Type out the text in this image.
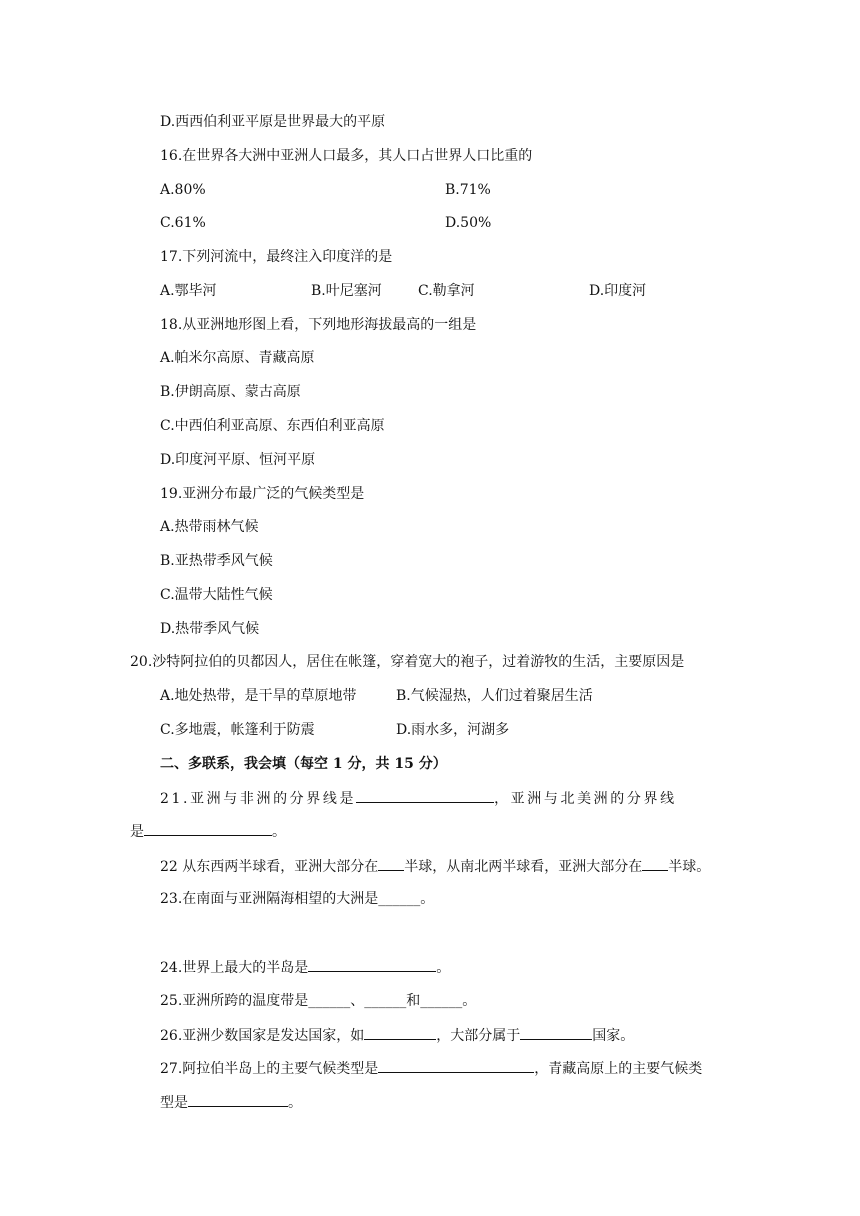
D.西西伯利亚平原是世界最大的平原
16.在世界各大洲中亚洲人口最多，其人口占世界人口比重的
A.80%	B.71%
C.61%	D.50%
17.下列河流中，最终注入印度洋的是
A.鄂毕河	B.叶尼塞河	C.勒拿河	D.印度河
18.从亚洲地形图上看，下列地形海拔最高的一组是
A.帕米尔高原、青藏高原
B.伊朗高原、蒙古高原
C.中西伯利亚高原、东西伯利亚高原
D.印度河平原、恒河平原
19.亚洲分布最广泛的气候类型是
A.热带雨林气候
B.亚热带季风气候
C.温带大陆性气候
D.热带季风气候
20.沙特阿拉伯的贝都因人，居住在帐篷，穿着宽大的袍子，过着游牧的生活，主要原因是
A.地处热带，是干旱的草原地带	B.气候湿热，人们过着聚居生活
C.多地震，帐篷利于防震	D.雨水多，河湖多
二、多联系，我会填（每空 1 分，共 15 分）
21.亚洲与非洲的分界线是	，亚洲与北美洲的分界线
是	。
22 从东西两半球看，亚洲大部分在 半球，从南北两半球看，亚洲大部分在 半球。
23.在南面与亚洲隔海相望的大洲是______。
24.世界上最大的半岛是	。
25.亚洲所跨的温度带是______、______和______。
26.亚洲少数国家是发达国家，如	，大部分属于	国家。
27.阿拉伯半岛上的主要气候类型是	，青藏高原上的主要气候类
型是	。
